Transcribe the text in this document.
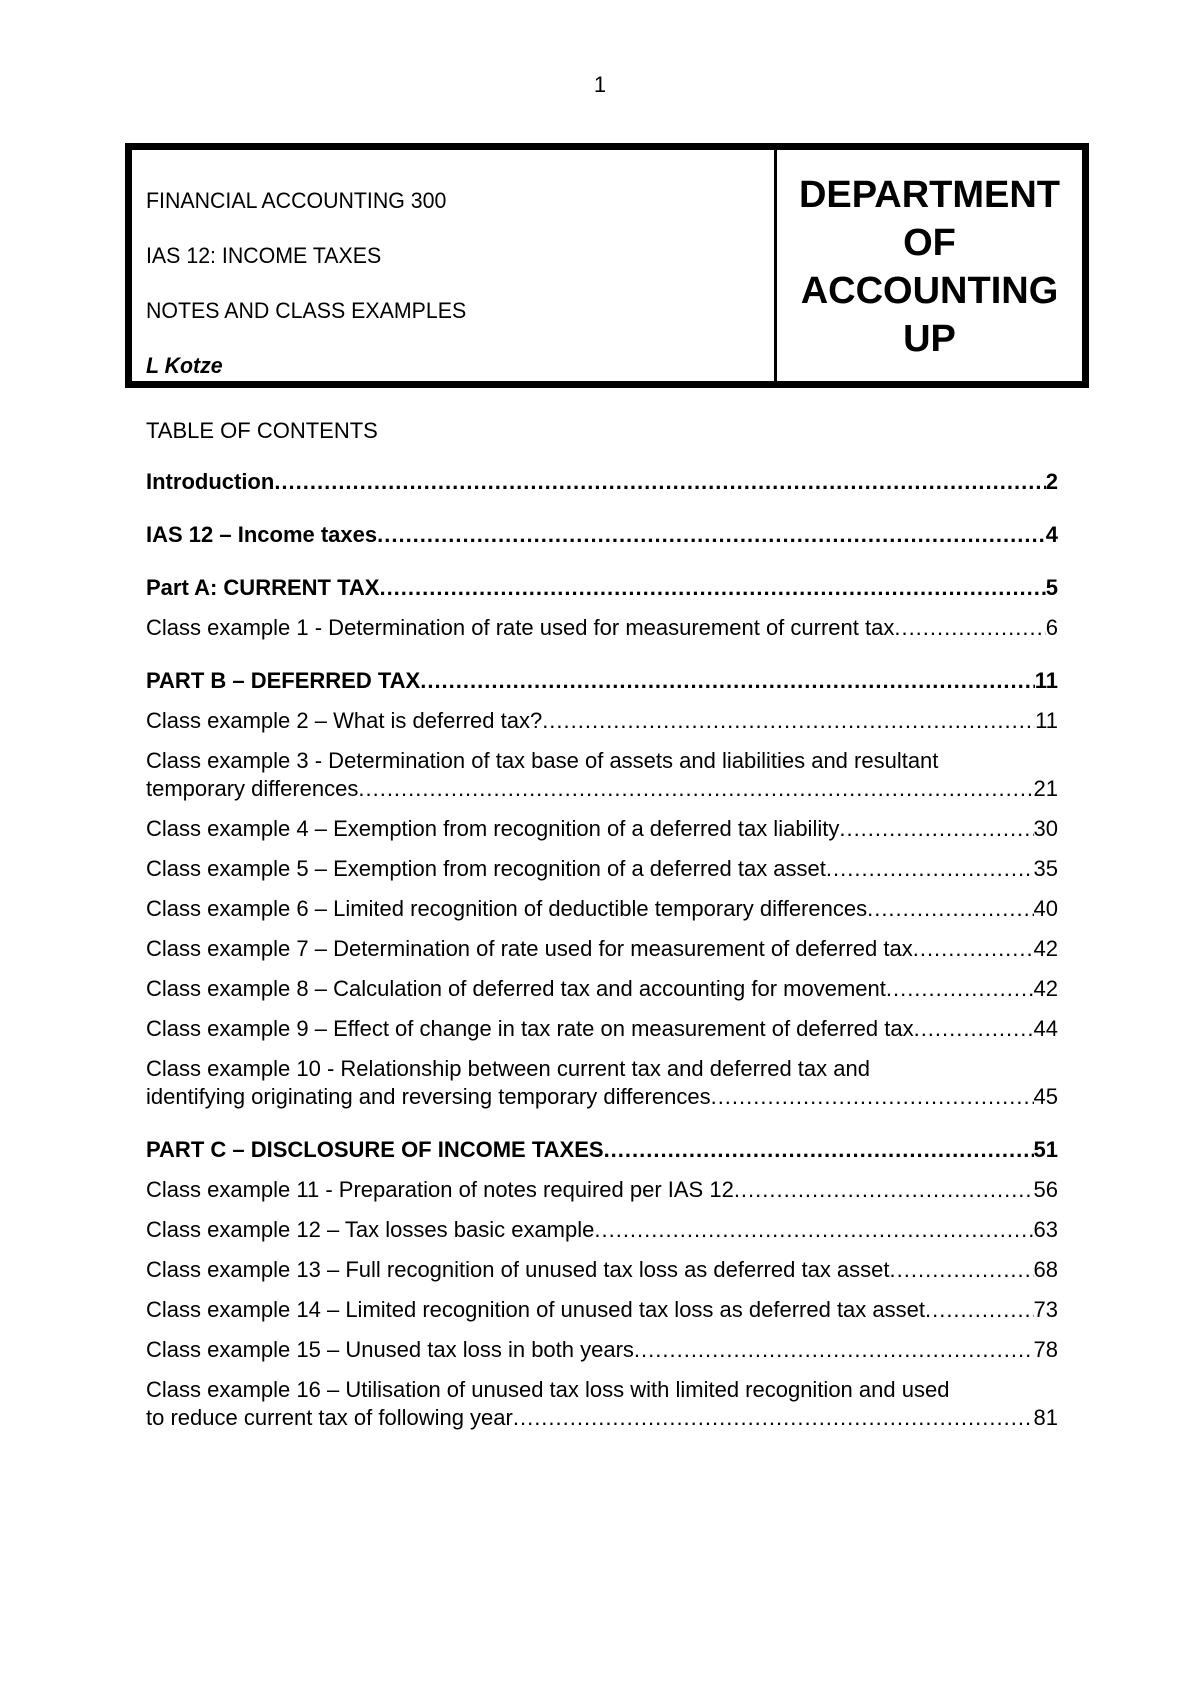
1
FINANCIAL ACCOUNTING 300
IAS 12: INCOME TAXES
NOTES AND CLASS EXAMPLES
L Kotze
DEPARTMENT
OF
ACCOUNTING
UP
TABLE OF CONTENTS
Introduction .....	2
IAS 12 – Income taxes .....	4
Part A: CURRENT TAX .....	5
Class example 1 - Determination of rate used for measurement of current tax .....	6
PART B – DEFERRED TAX .....	11
Class example 2 – What is deferred tax? .....	11
Class example 3 - Determination of tax base of assets and liabilities and resultant
temporary differences .....	21
Class example 4 – Exemption from recognition of a deferred tax liability .....	30
Class example 5 – Exemption from recognition of a deferred tax asset .....	35
Class example 6 – Limited recognition of deductible temporary differences .....	40
Class example 7 – Determination of rate used for measurement of deferred tax .....	42
Class example 8 – Calculation of deferred tax and accounting for movement .....	42
Class example 9 – Effect of change in tax rate on measurement of deferred tax .....	44
Class example 10 - Relationship between current tax and deferred tax and
identifying originating and reversing temporary differences .....	45
PART C – DISCLOSURE OF INCOME TAXES .....	51
Class example 11 - Preparation of notes required per IAS 12 .....	56
Class example 12 – Tax losses basic example .....	63
Class example 13 – Full recognition of unused tax loss as deferred tax asset .....	68
Class example 14 – Limited recognition of unused tax loss as deferred tax asset .....	73
Class example 15 – Unused tax loss in both years .....	78
Class example 16 – Utilisation of unused tax loss with limited recognition and used
to reduce current tax of following year .....	81
